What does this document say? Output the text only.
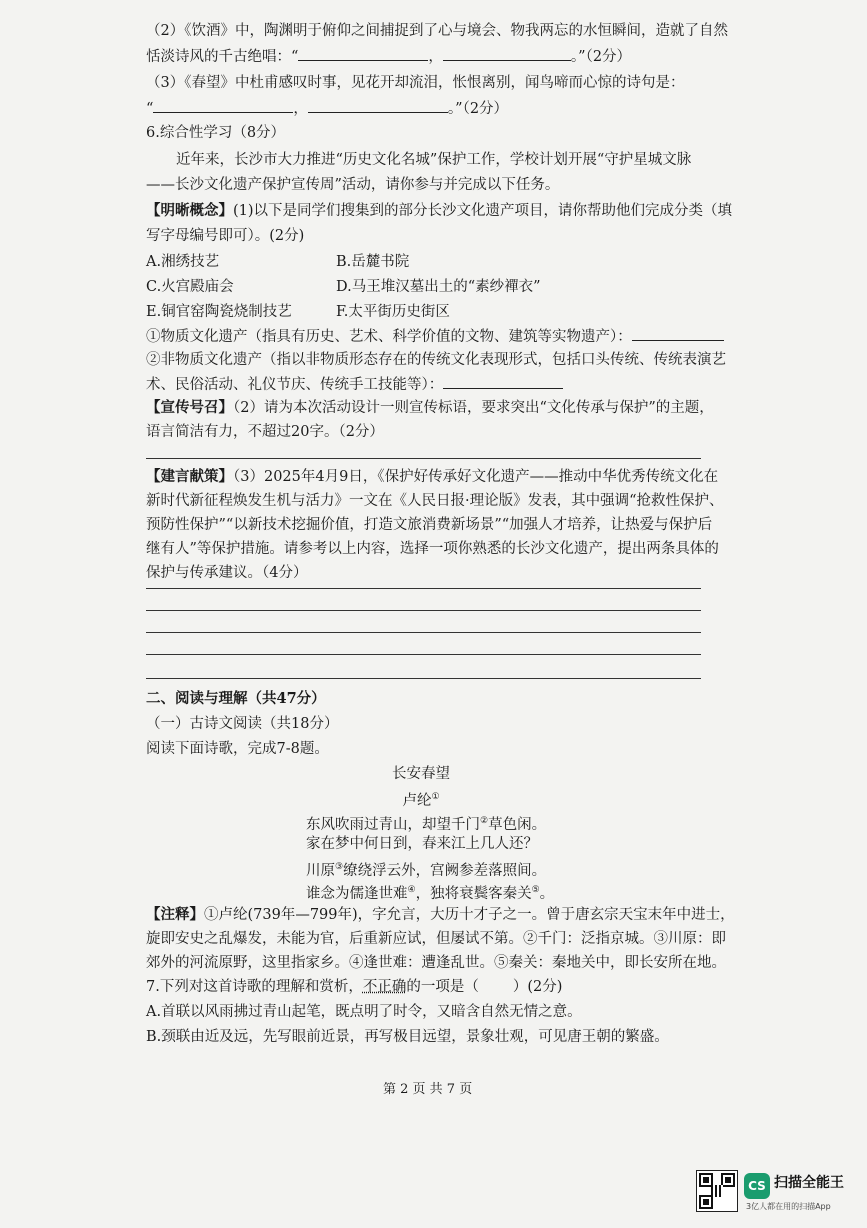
（2）《饮酒》中，陶渊明于俯仰之间捕捉到了心与境会、物我两忘的水恒瞬间，造就了自然
恬淡诗风的千古绝唱：“	，	。”（2分）
（3）《春望》中杜甫感叹时事，见花开却流泪，怅恨离别，闻鸟啼而心惊的诗句是：
“	，	。”（2分）
6.综合性学习（8分）
近年来，长沙市大力推进“历史文化名城”保护工作，学校计划开展“守护星城文脉
——长沙文化遗产保护宣传周”活动，请你参与并完成以下任务。
【明晰概念】(1)以下是同学们搜集到的部分长沙文化遗产项目，请你帮助他们完成分类（填
写字母编号即可）。(2分)
A.湘绣技艺	B.岳麓书院
C.火宫殿庙会	D.马王堆汉墓出土的“素纱襌衣”
E.铜官窑陶瓷烧制技艺	F.太平街历史街区
①物质文化遗产（指具有历史、艺术、科学价值的文物、建筑等实物遗产）：
②非物质文化遗产（指以非物质形态存在的传统文化表现形式，包括口头传统、传统表演艺
术、民俗活动、礼仪节庆、传统手工技能等）：
【宣传号召】（2）请为本次活动设计一则宣传标语，要求突出“文化传承与保护”的主题，
语言简洁有力，不超过20字。（2分）
【建言献策】（3）2025年4月9日，《保护好传承好文化遗产——推动中华优秀传统文化在
新时代新征程焕发生机与活力》一文在《人民日报·理论版》发表，其中强调“抢救性保护、
预防性保护”“以新技术挖掘价值，打造文旅消费新场景”“加强人才培养，让热爱与保护后
继有人”等保护措施。请参考以上内容，选择一项你熟悉的长沙文化遗产，提出两条具体的
保护与传承建议。（4分）
二、阅读与理解（共47分）
（一）古诗文阅读（共18分）
阅读下面诗歌，完成7-8题。
长安春望
卢纶①
东风吹雨过青山，却望千门②草色闲。
家在梦中何日到，春来江上几人还？
川原③缭绕浮云外，宫阙参差落照间。
谁念为儒逢世难④，独将衰鬓客秦关⑤。
【注释】①卢纶(739年—799年)，字允言，大历十才子之一。曾于唐玄宗天宝末年中进士，
旋即安史之乱爆发，未能为官，后重新应试，但屡试不第。②千门：泛指京城。③川原：即
郊外的河流原野，这里指家乡。④逢世难：遭逢乱世。⑤秦关：秦地关中，即长安所在地。
7.下列对这首诗歌的理解和赏析，不正确的一项是（ ）(2分)
A.首联以风雨拂过青山起笔，既点明了时令，又暗含自然无情之意。
B.颈联由近及远，先写眼前近景，再写极目远望，景象壮观，可见唐王朝的繁盛。
第 2 页 共 7 页
CS 扫描全能王
3亿人都在用的扫描App
